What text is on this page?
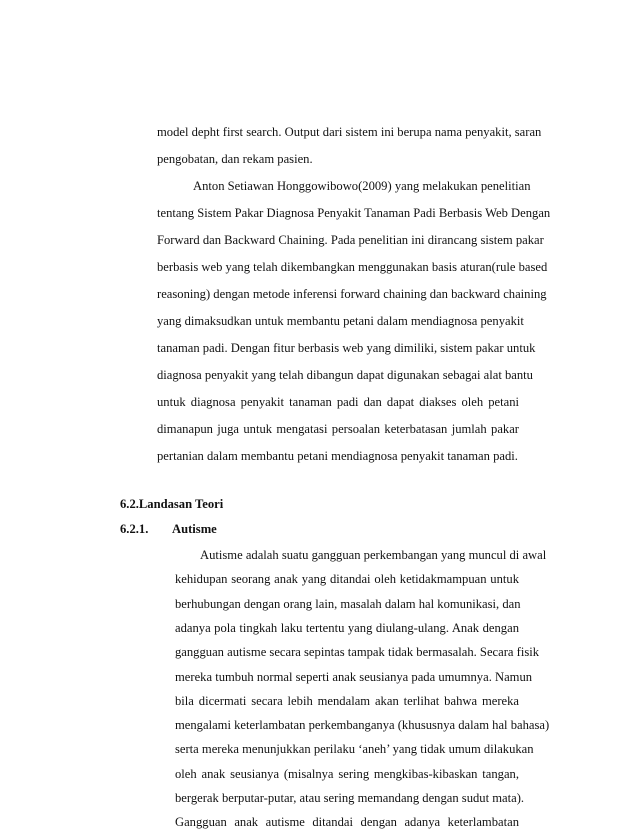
model depht first search. Output dari sistem ini berupa nama penyakit, saran
pengobatan, dan rekam pasien.
Anton Setiawan Honggowibowo(2009) yang melakukan penelitian
tentang Sistem Pakar Diagnosa Penyakit Tanaman Padi Berbasis Web Dengan
Forward dan Backward Chaining. Pada penelitian ini dirancang sistem pakar
berbasis web yang telah dikembangkan menggunakan basis aturan(rule based
reasoning) dengan metode inferensi forward chaining dan backward chaining
yang dimaksudkan untuk membantu petani dalam mendiagnosa penyakit
tanaman padi. Dengan fitur berbasis web yang dimiliki, sistem pakar untuk
diagnosa penyakit yang telah dibangun dapat digunakan sebagai alat bantu
untuk diagnosa penyakit tanaman padi dan dapat diakses oleh petani
dimanapun juga untuk mengatasi persoalan keterbatasan jumlah pakar
pertanian dalam membantu petani mendiagnosa penyakit tanaman padi.
6.2.Landasan Teori
6.2.1. Autisme
Autisme adalah suatu gangguan perkembangan yang muncul di awal
kehidupan seorang anak yang ditandai oleh ketidakmampuan untuk
berhubungan dengan orang lain, masalah dalam hal komunikasi, dan
adanya pola tingkah laku tertentu yang diulang-ulang. Anak dengan
gangguan autisme secara sepintas tampak tidak bermasalah. Secara fisik
mereka tumbuh normal seperti anak seusianya pada umumnya. Namun
bila dicermati secara lebih mendalam akan terlihat bahwa mereka
mengalami keterlambatan perkembanganya (khususnya dalam hal bahasa)
serta mereka menunjukkan perilaku ‘aneh’ yang tidak umum dilakukan
oleh anak seusianya (misalnya sering mengkibas-kibaskan tangan,
bergerak berputar-putar, atau sering memandang dengan sudut mata).
Gangguan anak autisme ditandai dengan adanya keterlambatan
